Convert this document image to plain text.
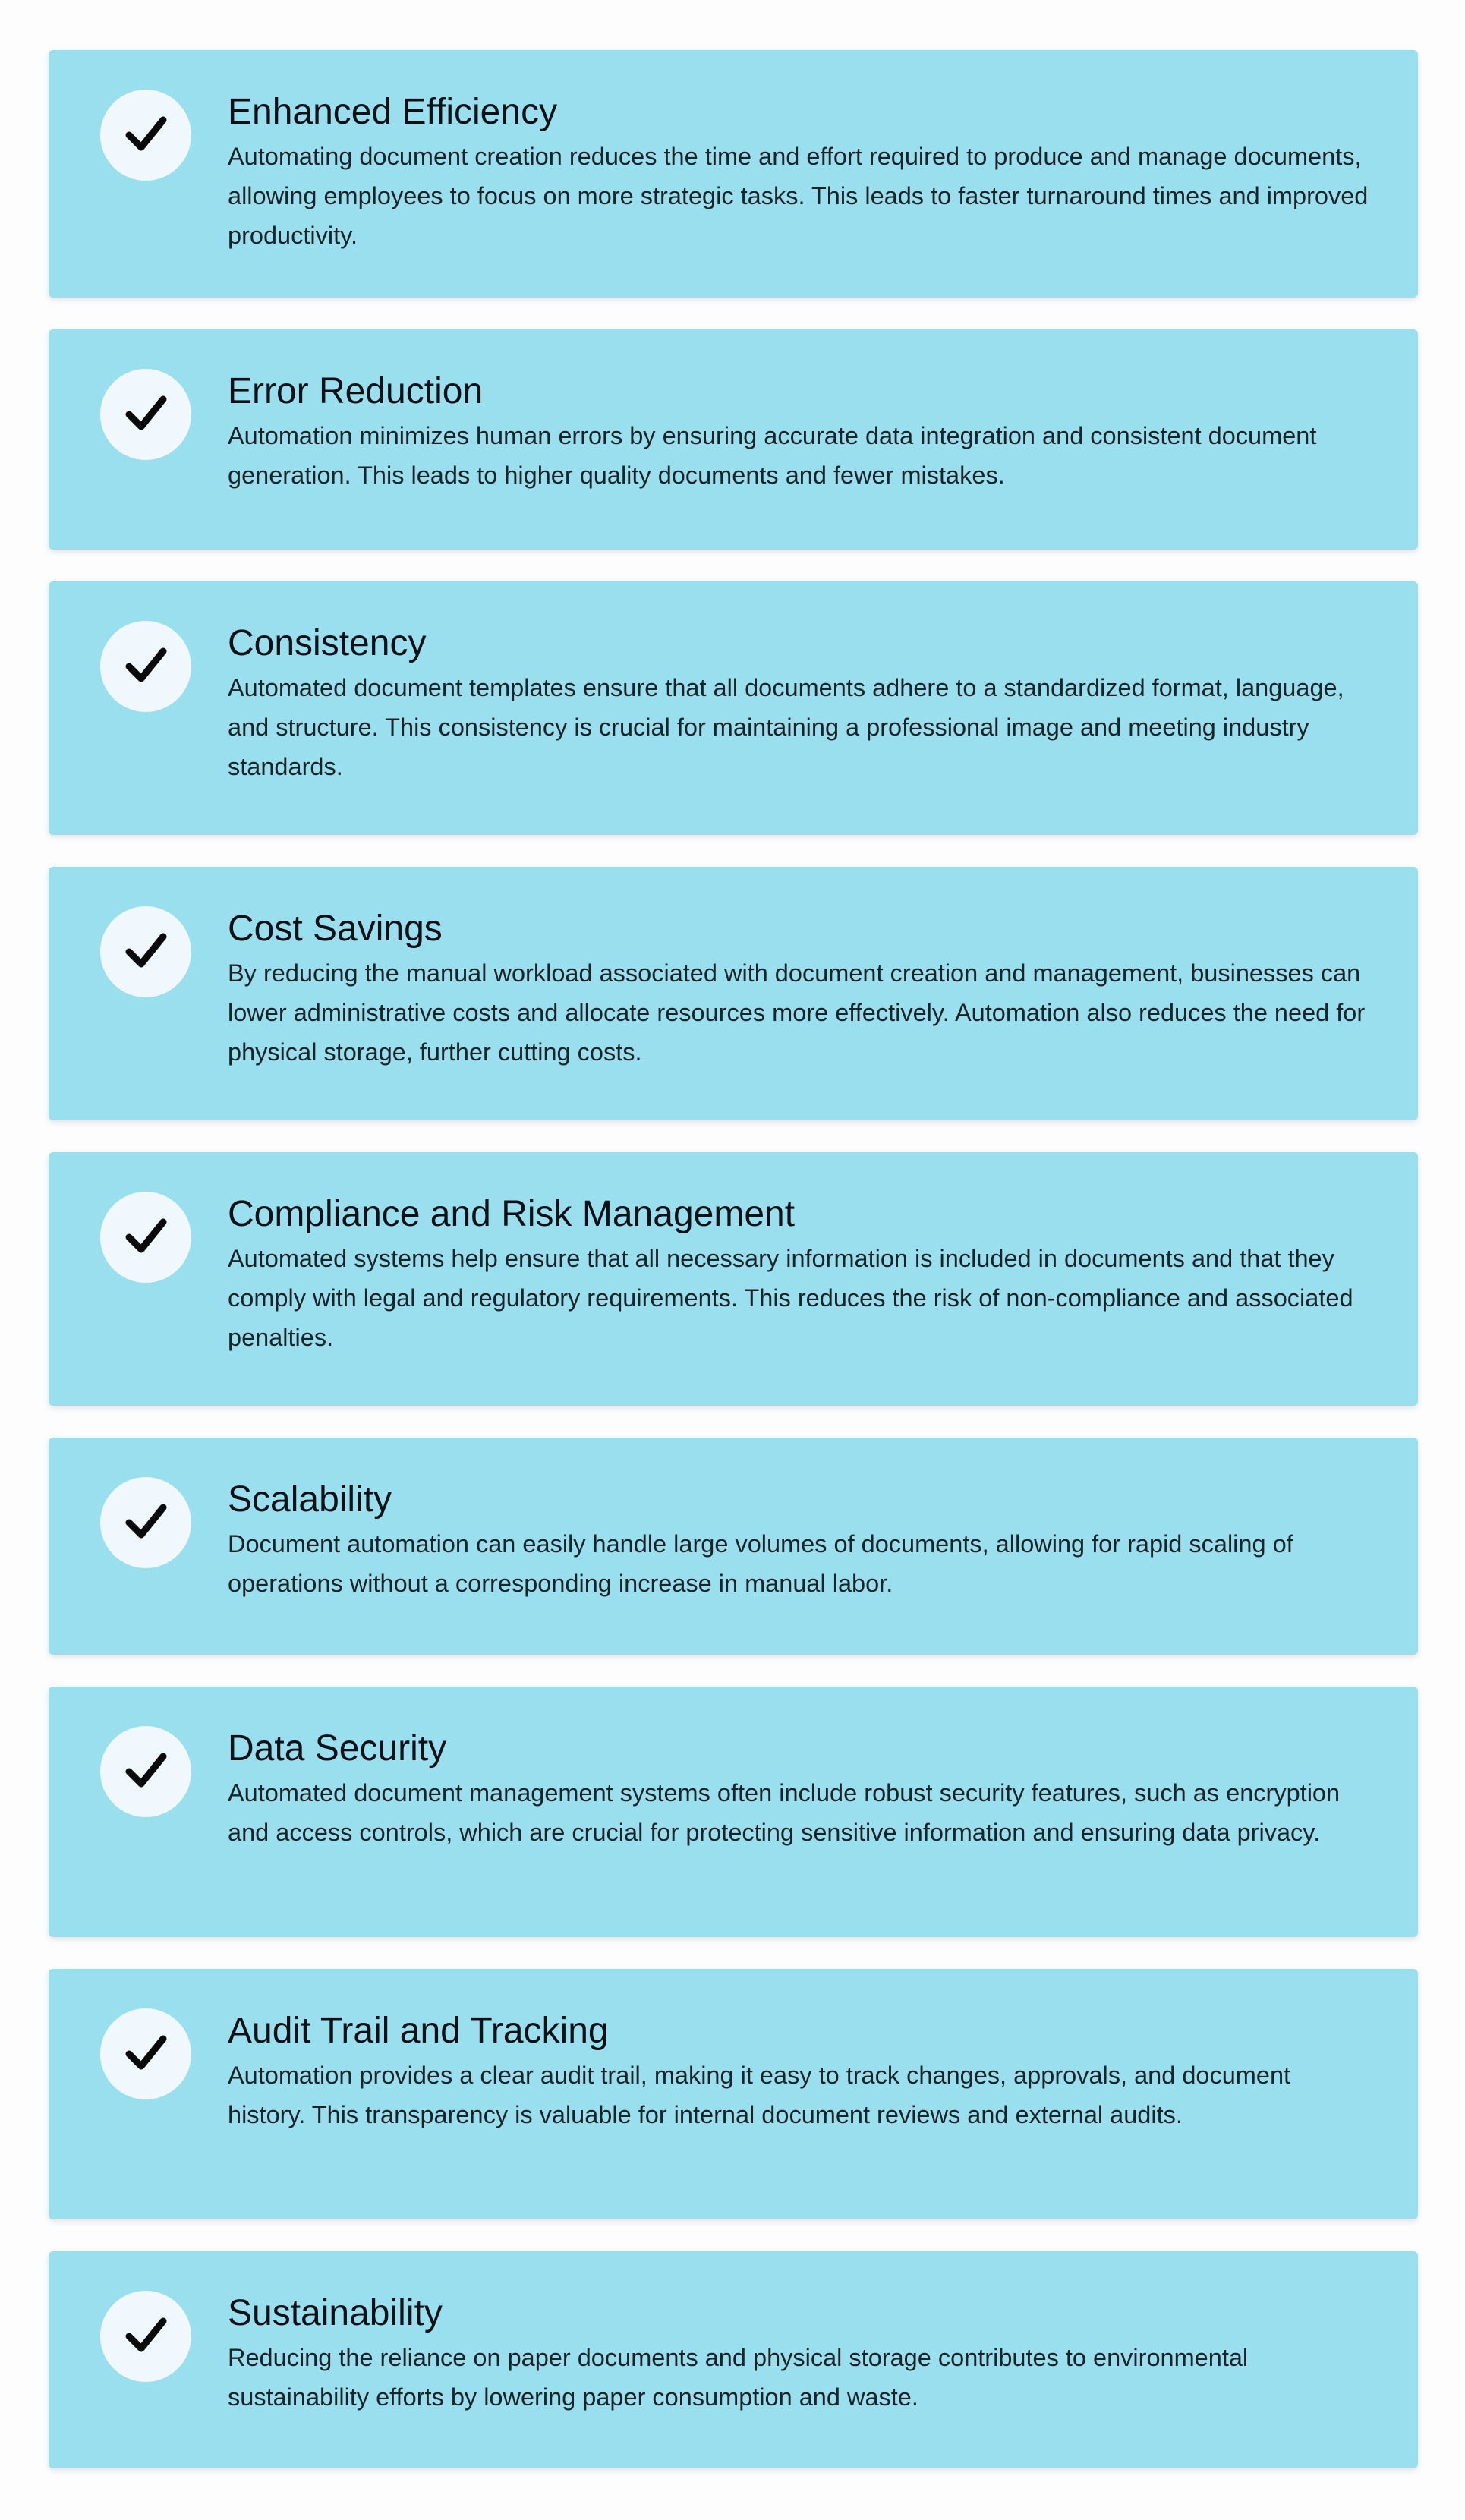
Enhanced Efficiency

Automating document creation reduces the time and effort required to produce and manage documents, allowing employees to focus on more strategic tasks. This leads to faster turnaround times and improved productivity.

Error Reduction

Automation minimizes human errors by ensuring accurate data integration and consistent document generation. This leads to higher quality documents and fewer mistakes.

Consistency

Automated document templates ensure that all documents adhere to a standardized format, language, and structure. This consistency is crucial for maintaining a professional image and meeting industry standards.

Cost Savings

By reducing the manual workload associated with document creation and management, businesses can lower administrative costs and allocate resources more effectively. Automation also reduces the need for physical storage, further cutting costs.

Compliance and Risk Management

Automated systems help ensure that all necessary information is included in documents and that they comply with legal and regulatory requirements. This reduces the risk of non-compliance and associated penalties.

Scalability

Document automation can easily handle large volumes of documents, allowing for rapid scaling of operations without a corresponding increase in manual labor.

Data Security

Automated document management systems often include robust security features, such as encryption and access controls, which are crucial for protecting sensitive information and ensuring data privacy.

Audit Trail and Tracking

Automation provides a clear audit trail, making it easy to track changes, approvals, and document history. This transparency is valuable for internal document reviews and external audits.

Sustainability

Reducing the reliance on paper documents and physical storage contributes to environmental sustainability efforts by lowering paper consumption and waste.
